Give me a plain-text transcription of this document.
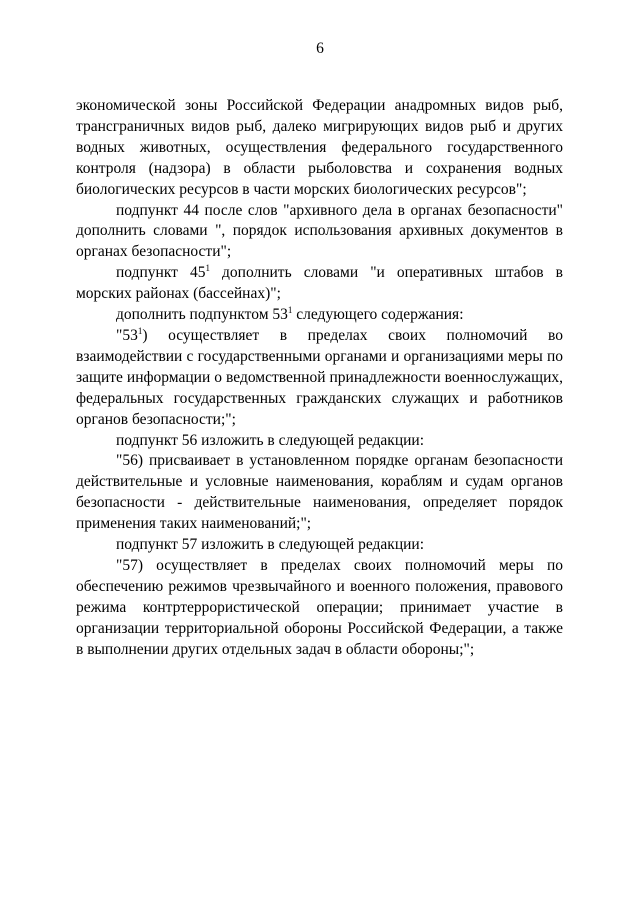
6

экономической зоны Российской Федерации анадромных видов рыб, трансграничных видов рыб, далеко мигрирующих видов рыб и других водных животных, осуществления федерального государственного контроля (надзора) в области рыболовства и сохранения водных биологических ресурсов в части морских биологических ресурсов";

подпункт 44 после слов "архивного дела в органах безопасности" дополнить словами ", порядок использования архивных документов в органах безопасности";

подпункт $45^1$ дополнить словами "и оперативных штабов в морских районах (бассейнах)";

дополнить подпунктом $53^1$ следующего содержания:

"$53^1$) осуществляет в пределах своих полномочий во взаимодействии с государственными органами и организациями меры по защите информации о ведомственной принадлежности военнослужащих, федеральных государственных гражданских служащих и работников органов безопасности;";

подпункт 56 изложить в следующей редакции:

"56) присваивает в установленном порядке органам безопасности действительные и условные наименования, кораблям и судам органов безопасности - действительные наименования, определяет порядок применения таких наименований;";

подпункт 57 изложить в следующей редакции:

"57) осуществляет в пределах своих полномочий меры по обеспечению режимов чрезвычайного и военного положения, правового режима контртеррористической операции; принимает участие в организации территориальной обороны Российской Федерации, а также в выполнении других отдельных задач в области обороны;";
